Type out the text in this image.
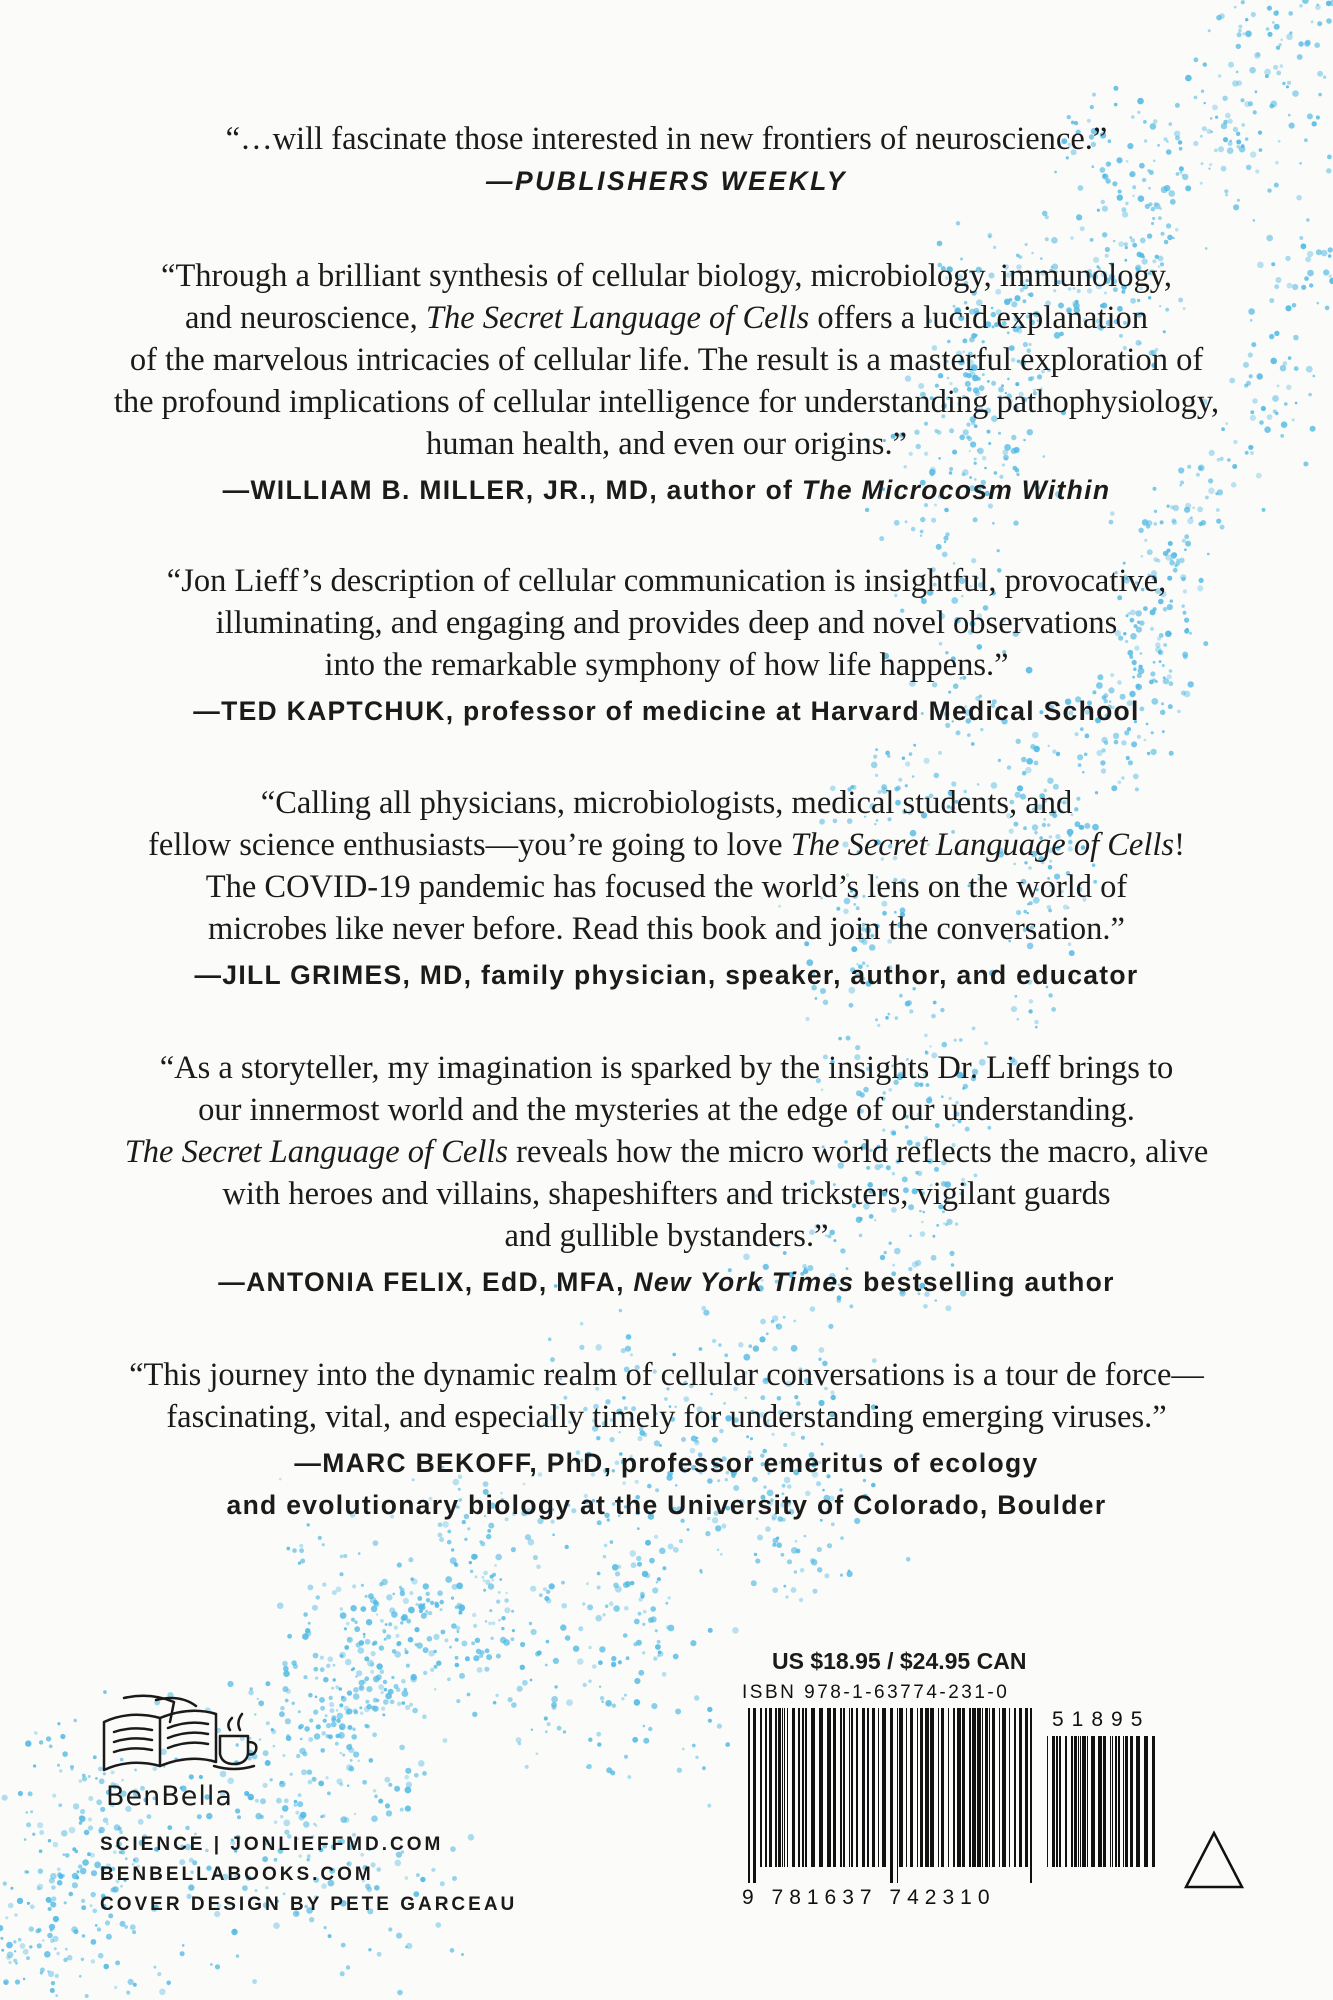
“…will fascinate those interested in new frontiers of neuroscience.”
—PUBLISHERS WEEKLY
“Through a brilliant synthesis of cellular biology, microbiology, immunology,
and neuroscience, The Secret Language of Cells offers a lucid explanation
of the marvelous intricacies of cellular life. The result is a masterful exploration of
the profound implications of cellular intelligence for understanding pathophysiology,
human health, and even our origins.”
—WILLIAM B. MILLER, JR., MD, author of The Microcosm Within
“Jon Lieff’s description of cellular communication is insightful, provocative,
illuminating, and engaging and provides deep and novel observations
into the remarkable symphony of how life happens.”
—TED KAPTCHUK, professor of medicine at Harvard Medical School
“Calling all physicians, microbiologists, medical students, and
fellow science enthusiasts—you’re going to love The Secret Language of Cells!
The COVID-19 pandemic has focused the world’s lens on the world of
microbes like never before. Read this book and join the conversation.”
—JILL GRIMES, MD, family physician, speaker, author, and educator
“As a storyteller, my imagination is sparked by the insights Dr. Lieff brings to
our innermost world and the mysteries at the edge of our understanding.
The Secret Language of Cells reveals how the micro world reflects the macro, alive
with heroes and villains, shapeshifters and tricksters, vigilant guards
and gullible bystanders.”
—ANTONIA FELIX, EdD, MFA, New York Times bestselling author
“This journey into the dynamic realm of cellular conversations is a tour de force—
fascinating, vital, and especially timely for understanding emerging viruses.”
—MARC BEKOFF, PhD, professor emeritus of ecology
and evolutionary biology at the University of Colorado, Boulder
US $18.95 / $24.95 CAN
ISBN 978-1-63774-231-0
51895
9 781637 742310
BenBella
SCIENCE | JONLIEFFMD.COM
BENBELLABOOKS.COM
COVER DESIGN BY PETE GARCEAU
